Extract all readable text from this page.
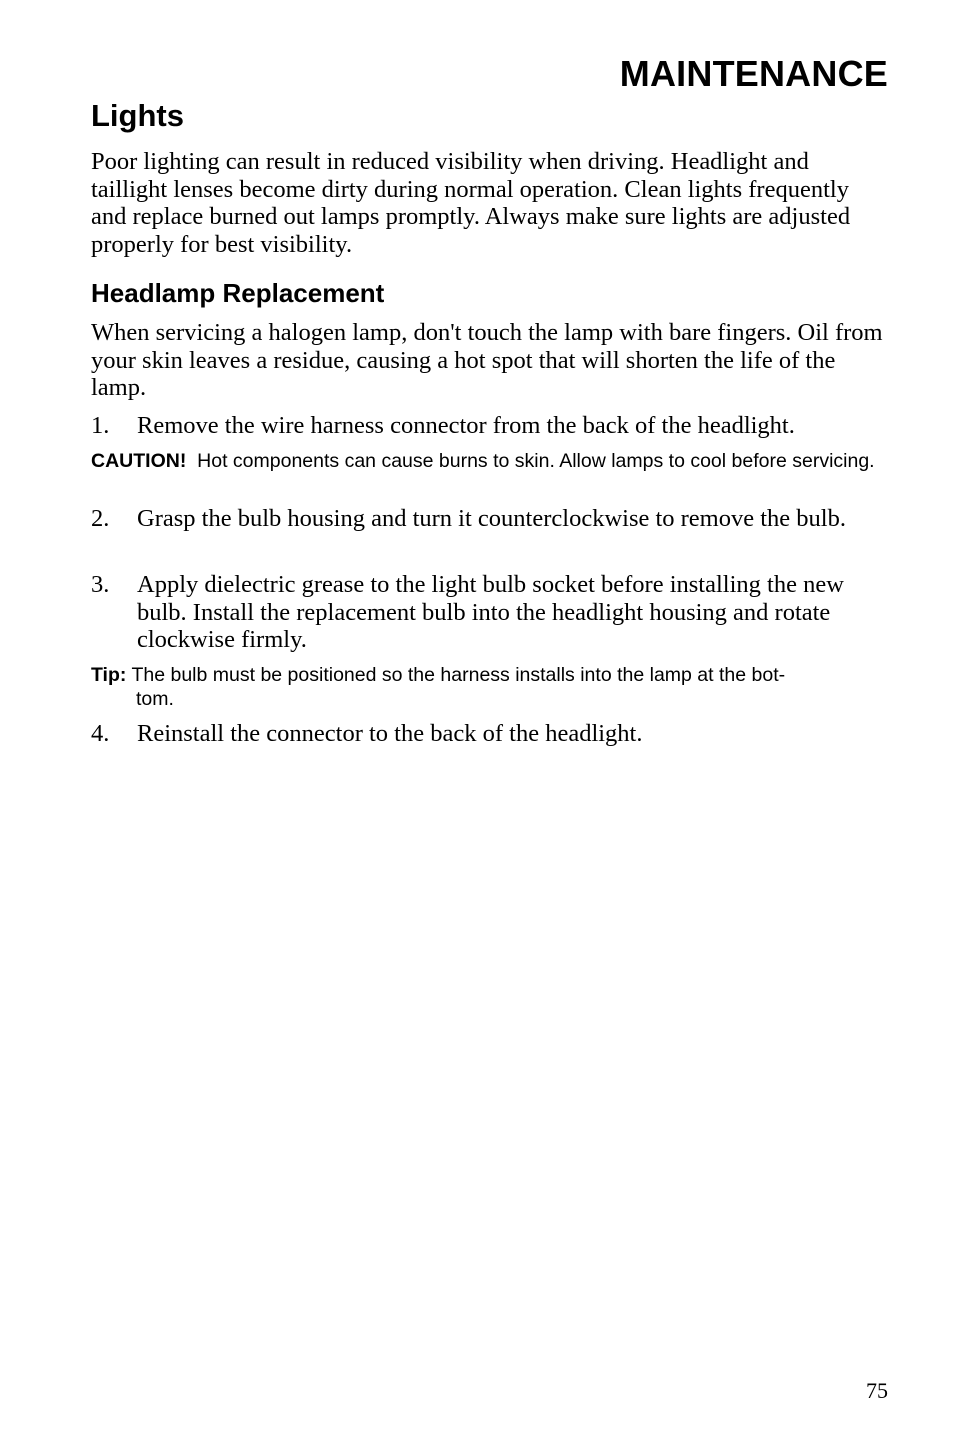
MAINTENANCE
Lights

Poor lighting can result in reduced visibility when driving. Headlight and taillight lenses become dirty during normal operation. Clean lights frequently and replace burned out lamps promptly. Always make sure lights are adjusted properly for best visibility.

Headlamp Replacement

When servicing a halogen lamp, don't touch the lamp with bare fingers. Oil from your skin leaves a residue, causing a hot spot that will shorten the life of the lamp.

1. Remove the wire harness connector from the back of the headlight.
CAUTION! Hot components can cause burns to skin. Allow lamps to cool before servicing.
2. Grasp the bulb housing and turn it counterclockwise to remove the bulb.
3. Apply dielectric grease to the light bulb socket before installing the new bulb. Install the replacement bulb into the headlight housing and rotate clockwise firmly.
Tip: The bulb must be positioned so the harness installs into the lamp at the bot-
tom.
4. Reinstall the connector to the back of the headlight.

75
